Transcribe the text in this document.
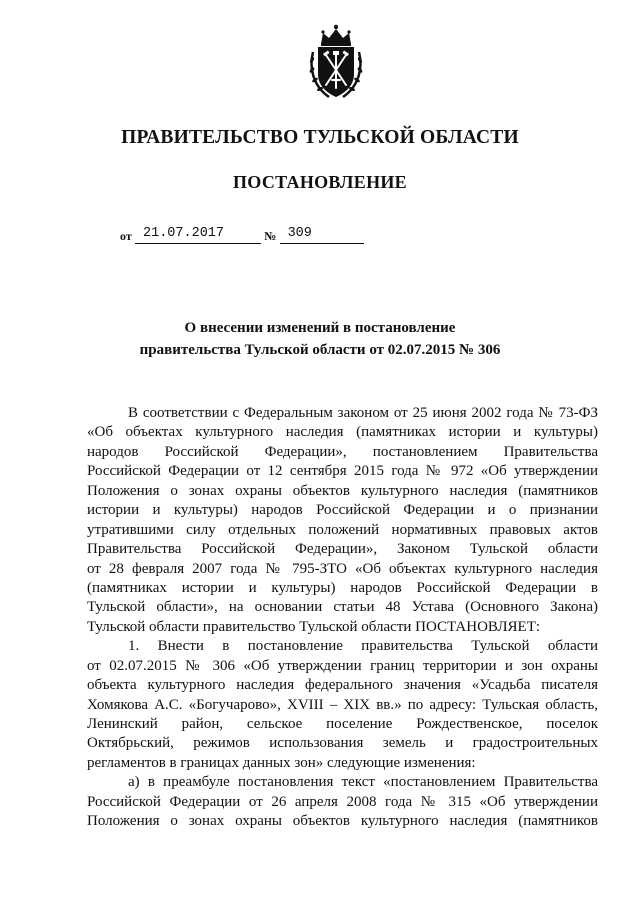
ПРАВИТЕЛЬСТВО ТУЛЬСКОЙ ОБЛАСТИ
ПОСТАНОВЛЕНИЕ
от 21.07.2017	№ 309
О внесении изменений в постановление
правительства Тульской области от 02.07.2015 № 306
В соответствии с Федеральным законом от 25 июня 2002 года № 73-ФЗ
«Об объектах культурного наследия (памятниках истории и культуры)
народов Российской Федерации», постановлением Правительства
Российской Федерации от 12 сентября 2015 года № 972 «Об утверждении
Положения о зонах охраны объектов культурного наследия (памятников
истории и культуры) народов Российской Федерации и о признании
утратившими силу отдельных положений нормативных правовых актов
Правительства Российской Федерации», Законом Тульской области
от 28 февраля 2007 года № 795-ЗТО «Об объектах культурного наследия
(памятниках истории и культуры) народов Российской Федерации в
Тульской области», на основании статьи 48 Устава (Основного Закона)
Тульской области правительство Тульской области ПОСТАНОВЛЯЕТ:
1. Внести в постановление правительства Тульской области
от 02.07.2015 № 306 «Об утверждении границ территории и зон охраны
объекта культурного наследия федерального значения «Усадьба писателя
Хомякова А.С. «Богучарово», XVIII – XIX вв.» по адресу: Тульская область,
Ленинский район, сельское поселение Рождественское, поселок
Октябрьский, режимов использования земель и градостроительных
регламентов в границах данных зон» следующие изменения:
а) в преамбуле постановления текст «постановлением Правительства
Российской Федерации от 26 апреля 2008 года № 315 «Об утверждении
Положения о зонах охраны объектов культурного наследия (памятников
